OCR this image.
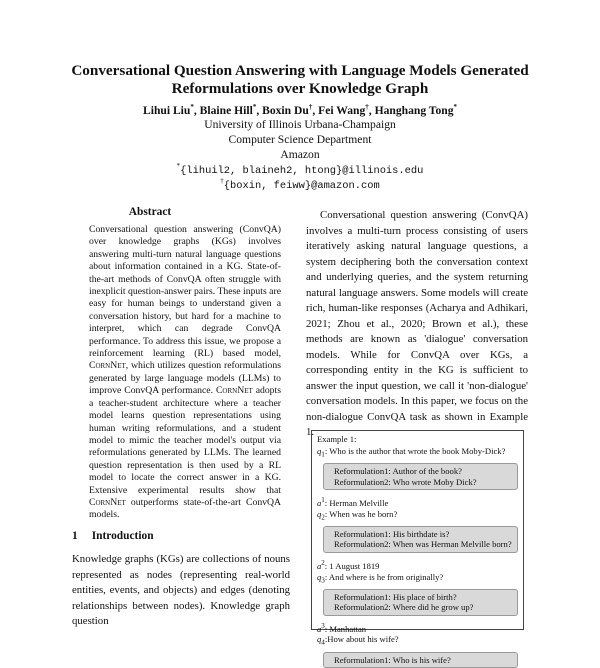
Conversational Question Answering with Language Models Generated
Reformulations over Knowledge Graph
Lihui Liu*, Blaine Hill*, Boxin Du†, Fei Wang†, Hanghang Tong*
University of Illinois Urbana-Champaign
Computer Science Department
Amazon
*{lihuil2, blaineh2, htong}@illinois.edu
†{boxin, feiww}@amazon.com
Abstract
Conversational question answering (ConvQA) over knowledge graphs (KGs) involves answering multi-turn natural language questions about information contained in a KG. State-of-the-art methods of ConvQA often struggle with inexplicit question-answer pairs. These inputs are easy for human beings to understand given a conversation history, but hard for a machine to interpret, which can degrade ConvQA performance. To address this issue, we propose a reinforcement learning (RL) based model, CornNet, which utilizes question reformulations generated by large language models (LLMs) to improve ConvQA performance. CornNet adopts a teacher-student architecture where a teacher model learns question representations using human writing reformulations, and a student model to mimic the teacher model's output via reformulations generated by LLMs. The learned question representation is then used by a RL model to locate the correct answer in a KG. Extensive experimental results show that CornNet outperforms state-of-the-art ConvQA models.
1 Introduction
Knowledge graphs (KGs) are collections of nouns represented as nodes (representing real-world entities, events, and objects) and edges (denoting relationships between nodes). Knowledge graph question
Conversational question answering (ConvQA) involves a multi-turn process consisting of users iteratively asking natural language questions, a system deciphering both the conversation context and underlying queries, and the system returning natural language answers. Some models will create rich, human-like responses (Acharya and Adhikari, 2021; Zhou et al., 2020; Brown et al.), these methods are known as 'dialogue' conversation models. While for ConvQA over KGs, a corresponding entity in the KG is sufficient to answer the input question, we call it 'non-dialogue' conversation models. In this paper, we focus on the non-dialogue ConvQA task as shown in Example 1.
Example 1:
$q_1$: Who is the author that wrote the book Moby-Dick?
Reformulation1: Author of the book?
Reformulation2: Who wrote Moby Dick?
$a^1$: Herman Melville
$q_2$: When was he born?
Reformulation1: His birthdate is?
Reformulation2: When was Herman Melville born?
$a^2$: 1 August 1819
$q_3$: And where is he from originally?
Reformulation1: His place of birth?
Reformulation2: Where did he grow up?
$a^3$: Manhattan
$q_4:How$ about his wife?
Reformulation1: Who is his wife?
